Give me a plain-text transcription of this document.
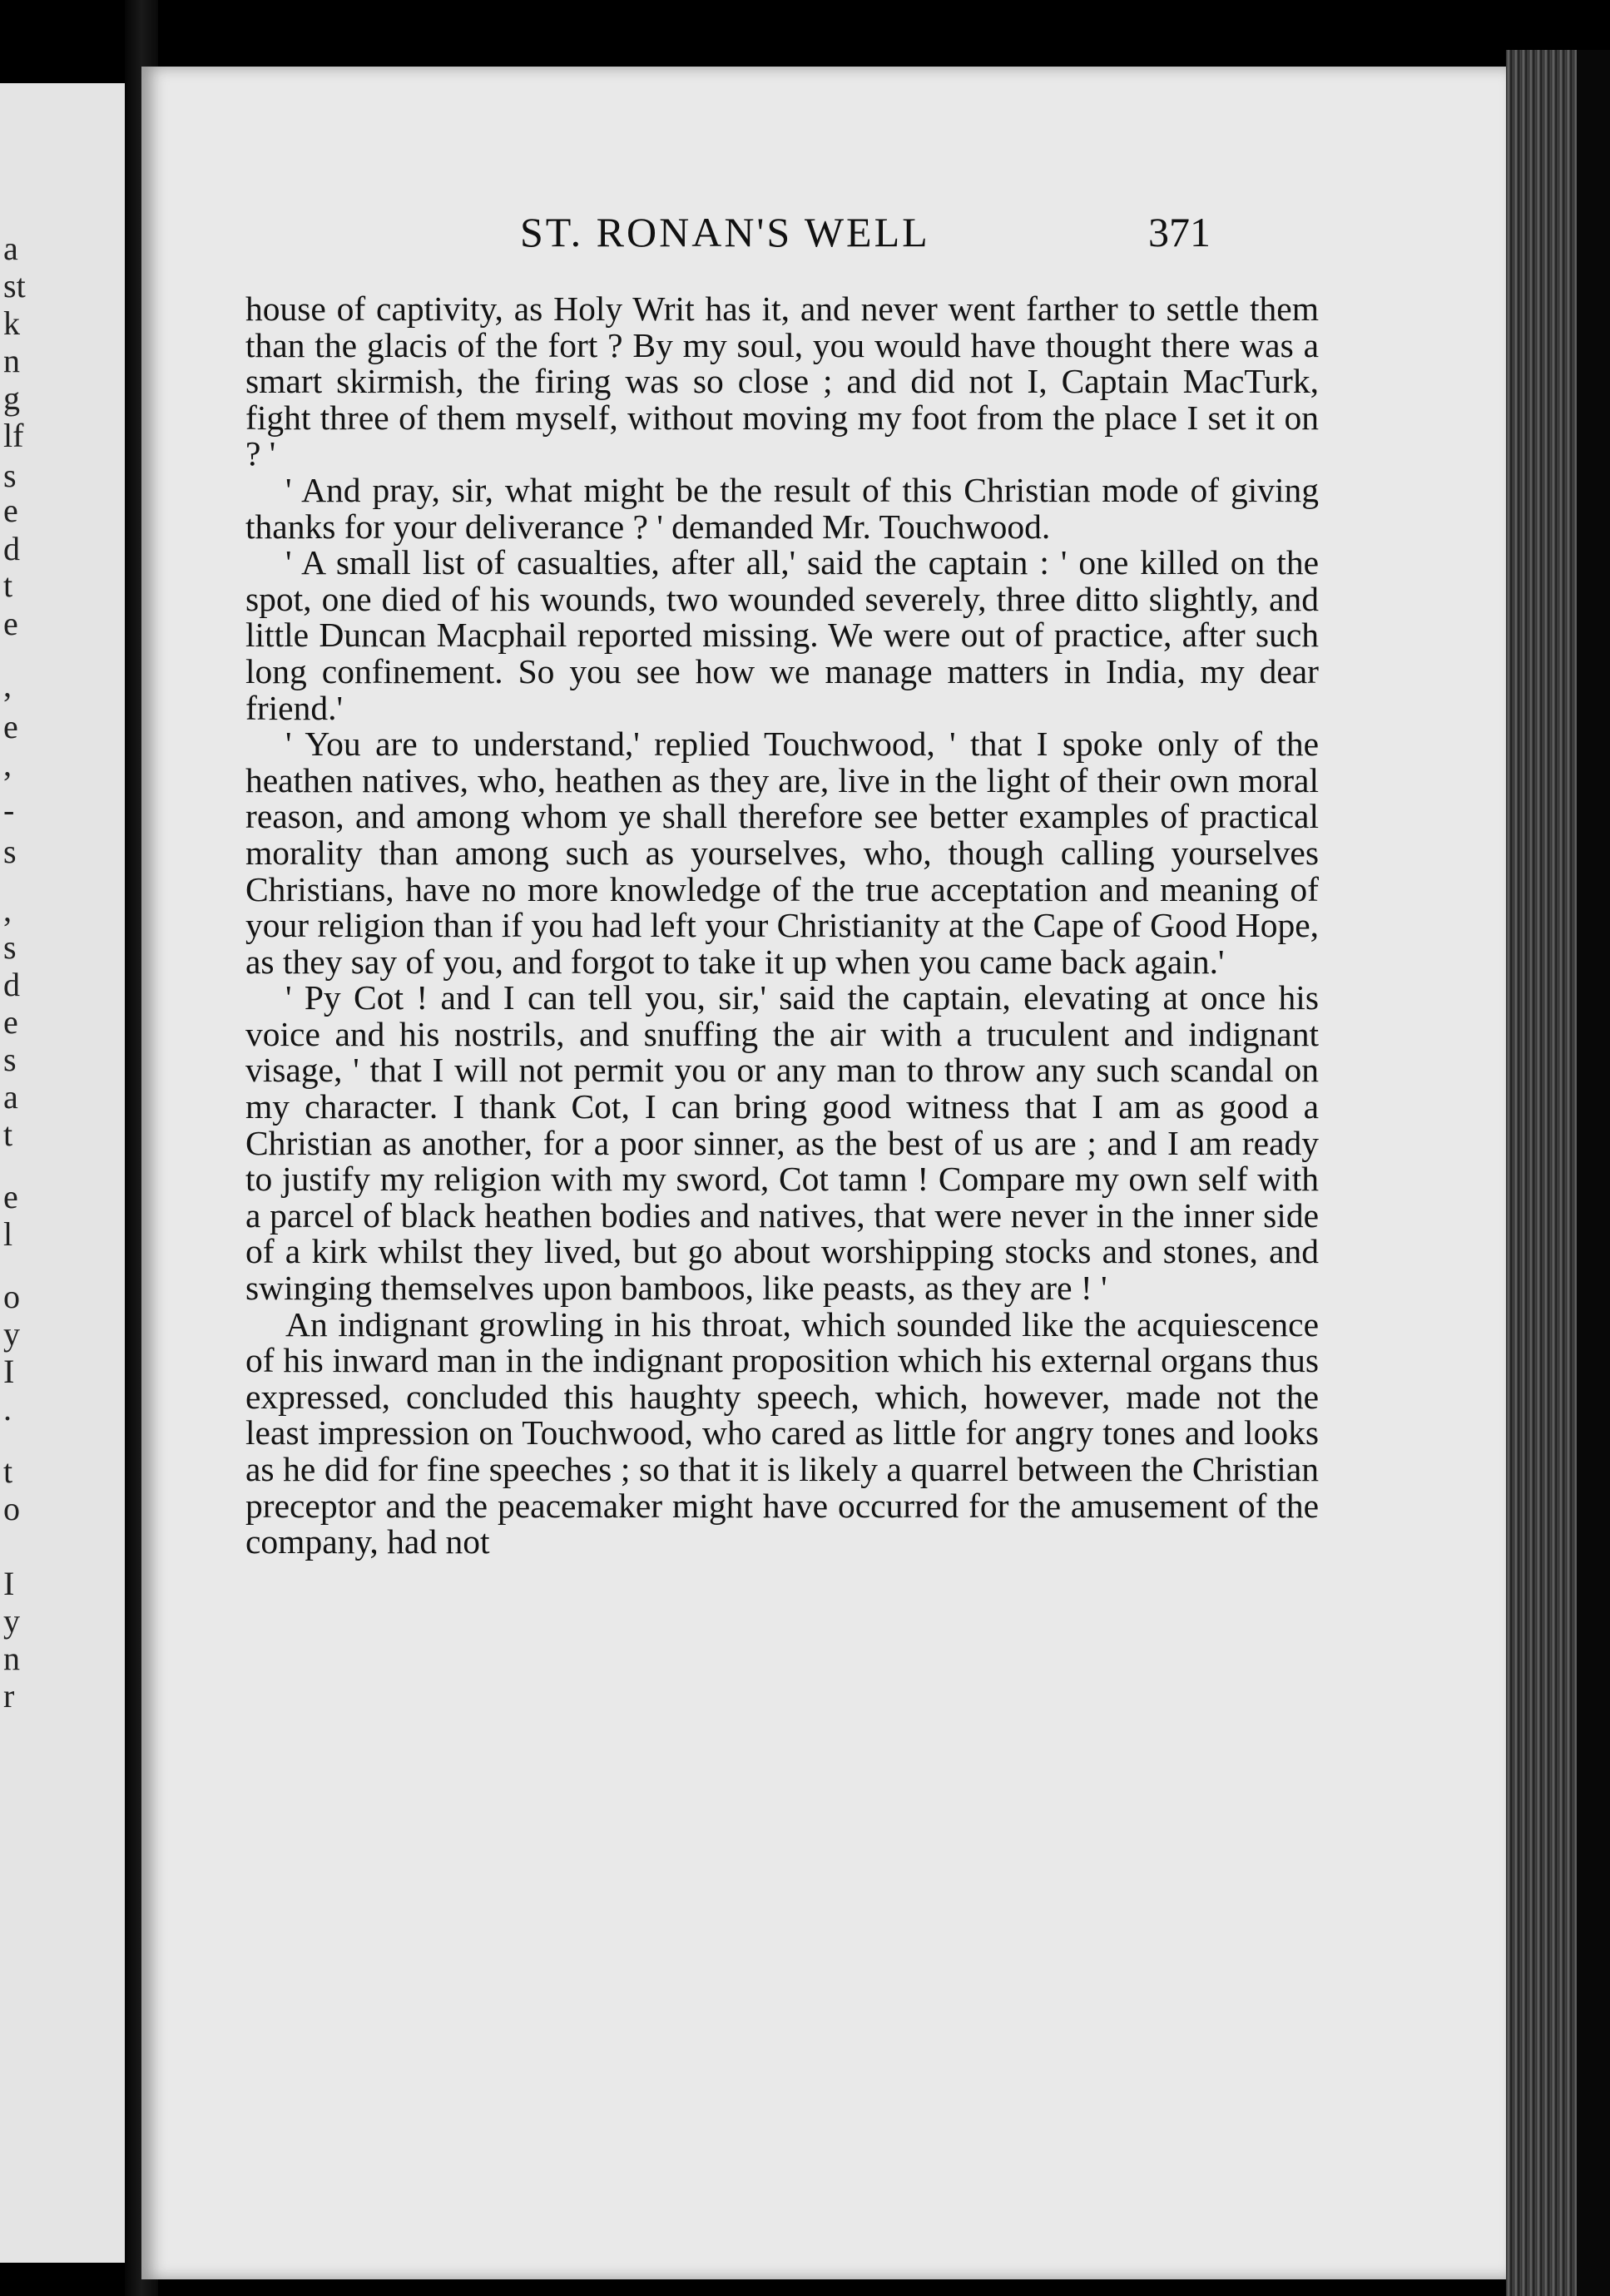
a
st
k
n
g
lf
s
e
d
t
e
,
e
,
-
s
,
s
d
e
s
a
t
e
l
o
y
I
.
t
o
I
y
n
r
ST. RONAN'S WELL	371

house of captivity, as Holy Writ has it, and never went farther to settle them than the glacis of the fort ? By my soul, you would have thought there was a smart skirmish, the firing was so close ; and did not I, Captain MacTurk, fight three of them myself, without moving my foot from the place I set it on ? '

' And pray, sir, what might be the result of this Christian mode of giving thanks for your deliverance ? ' demanded Mr. Touchwood.

' A small list of casualties, after all,' said the captain : ' one killed on the spot, one died of his wounds, two wounded severely, three ditto slightly, and little Duncan Macphail reported missing. We were out of practice, after such long confinement. So you see how we manage matters in India, my dear friend.'

' You are to understand,' replied Touchwood, ' that I spoke only of the heathen natives, who, heathen as they are, live in the light of their own moral reason, and among whom ye shall therefore see better examples of practical morality than among such as yourselves, who, though calling yourselves Christians, have no more knowledge of the true acceptation and meaning of your religion than if you had left your Christianity at the Cape of Good Hope, as they say of you, and forgot to take it up when you came back again.'

' Py Cot ! and I can tell you, sir,' said the captain, elevating at once his voice and his nostrils, and snuffing the air with a truculent and indignant visage, ' that I will not permit you or any man to throw any such scandal on my character. I thank Cot, I can bring good witness that I am as good a Christian as another, for a poor sinner, as the best of us are ; and I am ready to justify my religion with my sword, Cot tamn ! Compare my own self with a parcel of black heathen bodies and natives, that were never in the inner side of a kirk whilst they lived, but go about worshipping stocks and stones, and swinging themselves upon bamboos, like peasts, as they are ! '

An indignant growling in his throat, which sounded like the acquiescence of his inward man in the indignant proposition which his external organs thus expressed, concluded this haughty speech, which, however, made not the least impression on Touchwood, who cared as little for angry tones and looks as he did for fine speeches ; so that it is likely a quarrel between the Christian preceptor and the peacemaker might have occurred for the amusement of the company, had not
